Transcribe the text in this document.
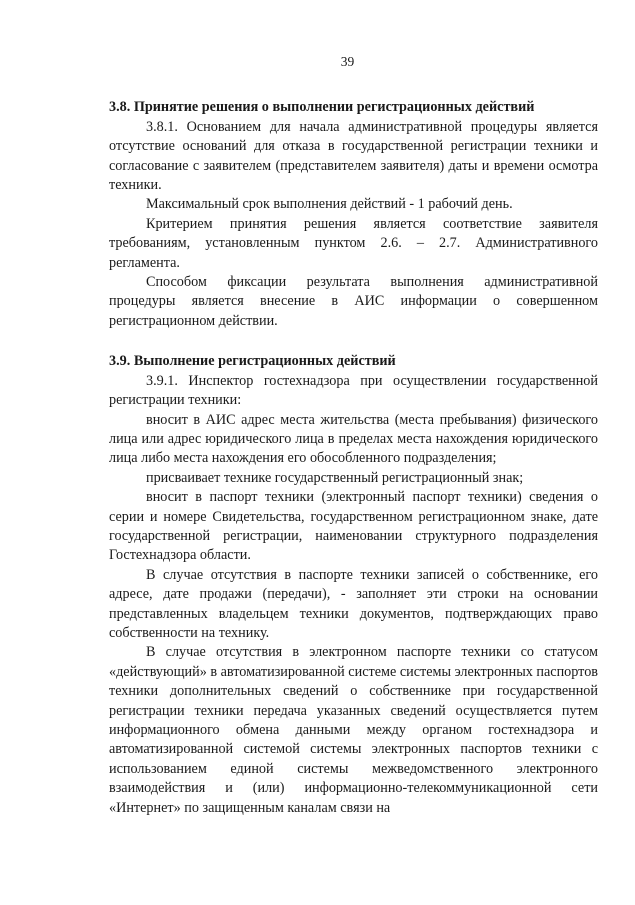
39
3.8. Принятие решения о выполнении регистрационных действий

3.8.1. Основанием для начала административной процедуры является отсутствие оснований для отказа в государственной регистрации техники и согласование с заявителем (представителем заявителя) даты и времени осмотра техники.

Максимальный срок выполнения действий - 1 рабочий день.

Критерием принятия решения является соответствие заявителя требованиям, установленным пунктом 2.6. – 2.7. Административного регламента.

Способом фиксации результата выполнения административной процедуры является внесение в АИС информации о совершенном регистрационном действии.

3.9. Выполнение регистрационных действий

3.9.1. Инспектор гостехнадзора при осуществлении государственной регистрации техники:

вносит в АИС адрес места жительства (места пребывания) физического лица или адрес юридического лица в пределах места нахождения юридического лица либо места нахождения его обособленного подразделения;

присваивает технике государственный регистрационный знак;

вносит в паспорт техники (электронный паспорт техники) сведения о серии и номере Свидетельства, государственном регистрационном знаке, дате государственной регистрации, наименовании структурного подразделения Гостехнадзора области.

В случае отсутствия в паспорте техники записей о собственнике, его адресе, дате продажи (передачи), - заполняет эти строки на основании представленных владельцем техники документов, подтверждающих право собственности на технику.

В случае отсутствия в электронном паспорте техники со статусом «действующий» в автоматизированной системе системы электронных паспортов техники дополнительных сведений о собственнике при государственной регистрации техники передача указанных сведений осуществляется путем информационного обмена данными между органом гостехнадзора и автоматизированной системой системы электронных паспортов техники с использованием единой системы межведомственного электронного взаимодействия и (или) информационно-телекоммуникационной сети «Интернет» по защищенным каналам связи на
